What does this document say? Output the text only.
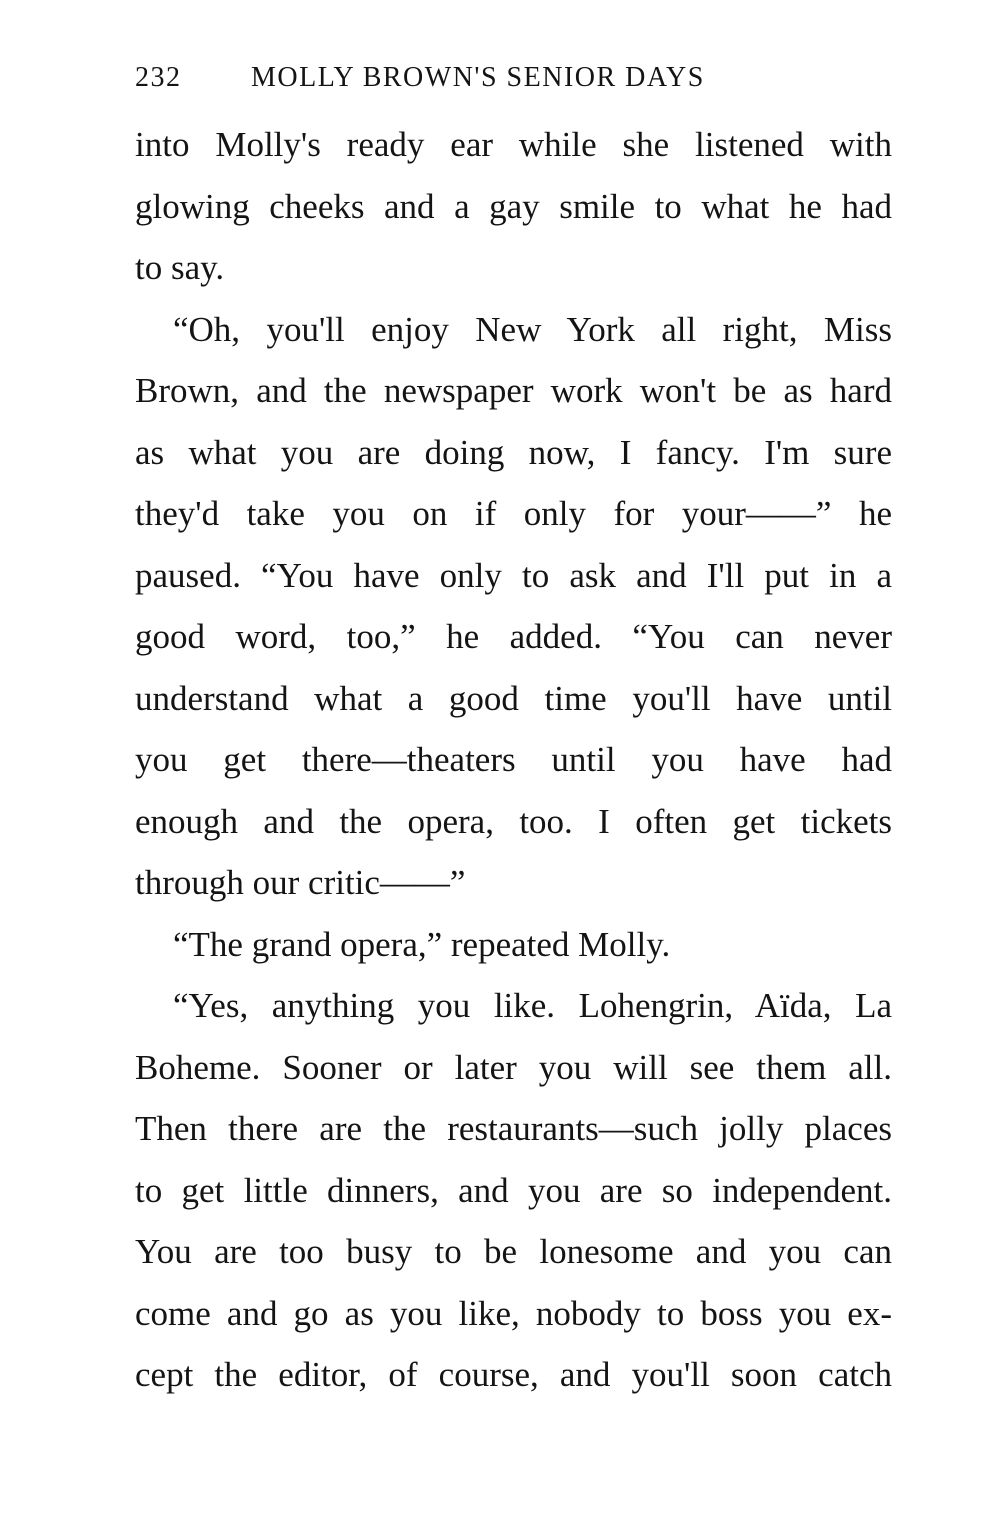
232 MOLLY BROWN'S SENIOR DAYS
into Molly's ready ear while she listened with
glowing cheeks and a gay smile to what he had
to say.
“Oh, you'll enjoy New York all right, Miss
Brown, and the newspaper work won't be as hard
as what you are doing now, I fancy. I'm sure
they'd take you on if only for your——” he
paused. “You have only to ask and I'll put in a
good word, too,” he added. “You can never
understand what a good time you'll have until
you get there—theaters until you have had
enough and the opera, too. I often get tickets
through our critic——”
“The grand opera,” repeated Molly.
“Yes, anything you like. Lohengrin, Aïda, La
Boheme. Sooner or later you will see them all.
Then there are the restaurants—such jolly places
to get little dinners, and you are so independent.
You are too busy to be lonesome and you can
come and go as you like, nobody to boss you ex-
cept the editor, of course, and you'll soon catch
